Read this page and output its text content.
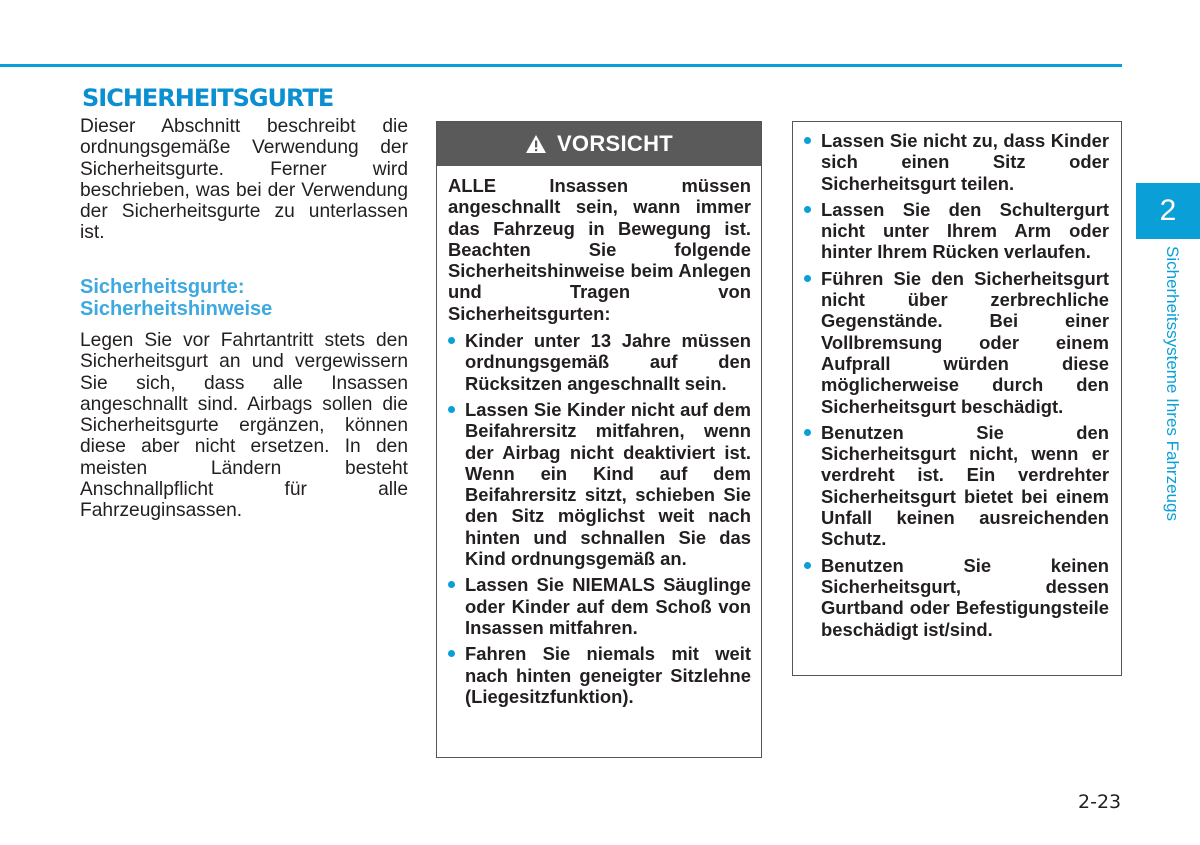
SICHERHEITSGURTE

Dieser Abschnitt beschreibt die ordnungsgemäße Verwendung der Sicherheitsgurte. Ferner wird beschrieben, was bei der Verwendung der Sicherheitsgurte zu unterlassen ist.

Sicherheitsgurte:
Sicherheitshinweise

Legen Sie vor Fahrtantritt stets den Sicherheitsgurt an und vergewissern Sie sich, dass alle Insassen angeschnallt sind. Airbags sollen die Sicherheitsgurte ergänzen, können diese aber nicht ersetzen. In den meisten Ländern besteht Anschnallpflicht für alle Fahrzeuginsassen.

VORSICHT

ALLE Insassen müssen angeschnallt sein, wann immer das Fahrzeug in Bewegung ist. Beachten Sie folgende Sicherheitshinweise beim Anlegen und Tragen von Sicherheitsgurten:

Kinder unter 13 Jahre müssen ordnungsgemäß auf den Rücksitzen angeschnallt sein.
Lassen Sie Kinder nicht auf dem Beifahrersitz mitfahren, wenn der Airbag nicht deaktiviert ist. Wenn ein Kind auf dem Beifahrersitz sitzt, schieben Sie den Sitz möglichst weit nach hinten und schnallen Sie das Kind ordnungsgemäß an.
Lassen Sie NIEMALS Säuglinge oder Kinder auf dem Schoß von Insassen mitfahren.
Fahren Sie niemals mit weit nach hinten geneigter Sitzlehne (Liegesitzfunktion).
Lassen Sie nicht zu, dass Kinder sich einen Sitz oder Sicherheitsgurt teilen.
Lassen Sie den Schultergurt nicht unter Ihrem Arm oder hinter Ihrem Rücken verlaufen.
Führen Sie den Sicherheitsgurt nicht über zerbrechliche Gegenstände. Bei einer Vollbremsung oder einem Aufprall würden diese möglicherweise durch den Sicherheitsgurt beschädigt.
Benutzen Sie den Sicherheitsgurt nicht, wenn er verdreht ist. Ein verdrehter Sicherheitsgurt bietet bei einem Unfall keinen ausreichenden Schutz.
Benutzen Sie keinen Sicherheitsgurt, dessen Gurtband oder Befestigungsteile beschädigt ist/sind.
2
Sicherheitssysteme Ihres Fahrzeugs
2-23
